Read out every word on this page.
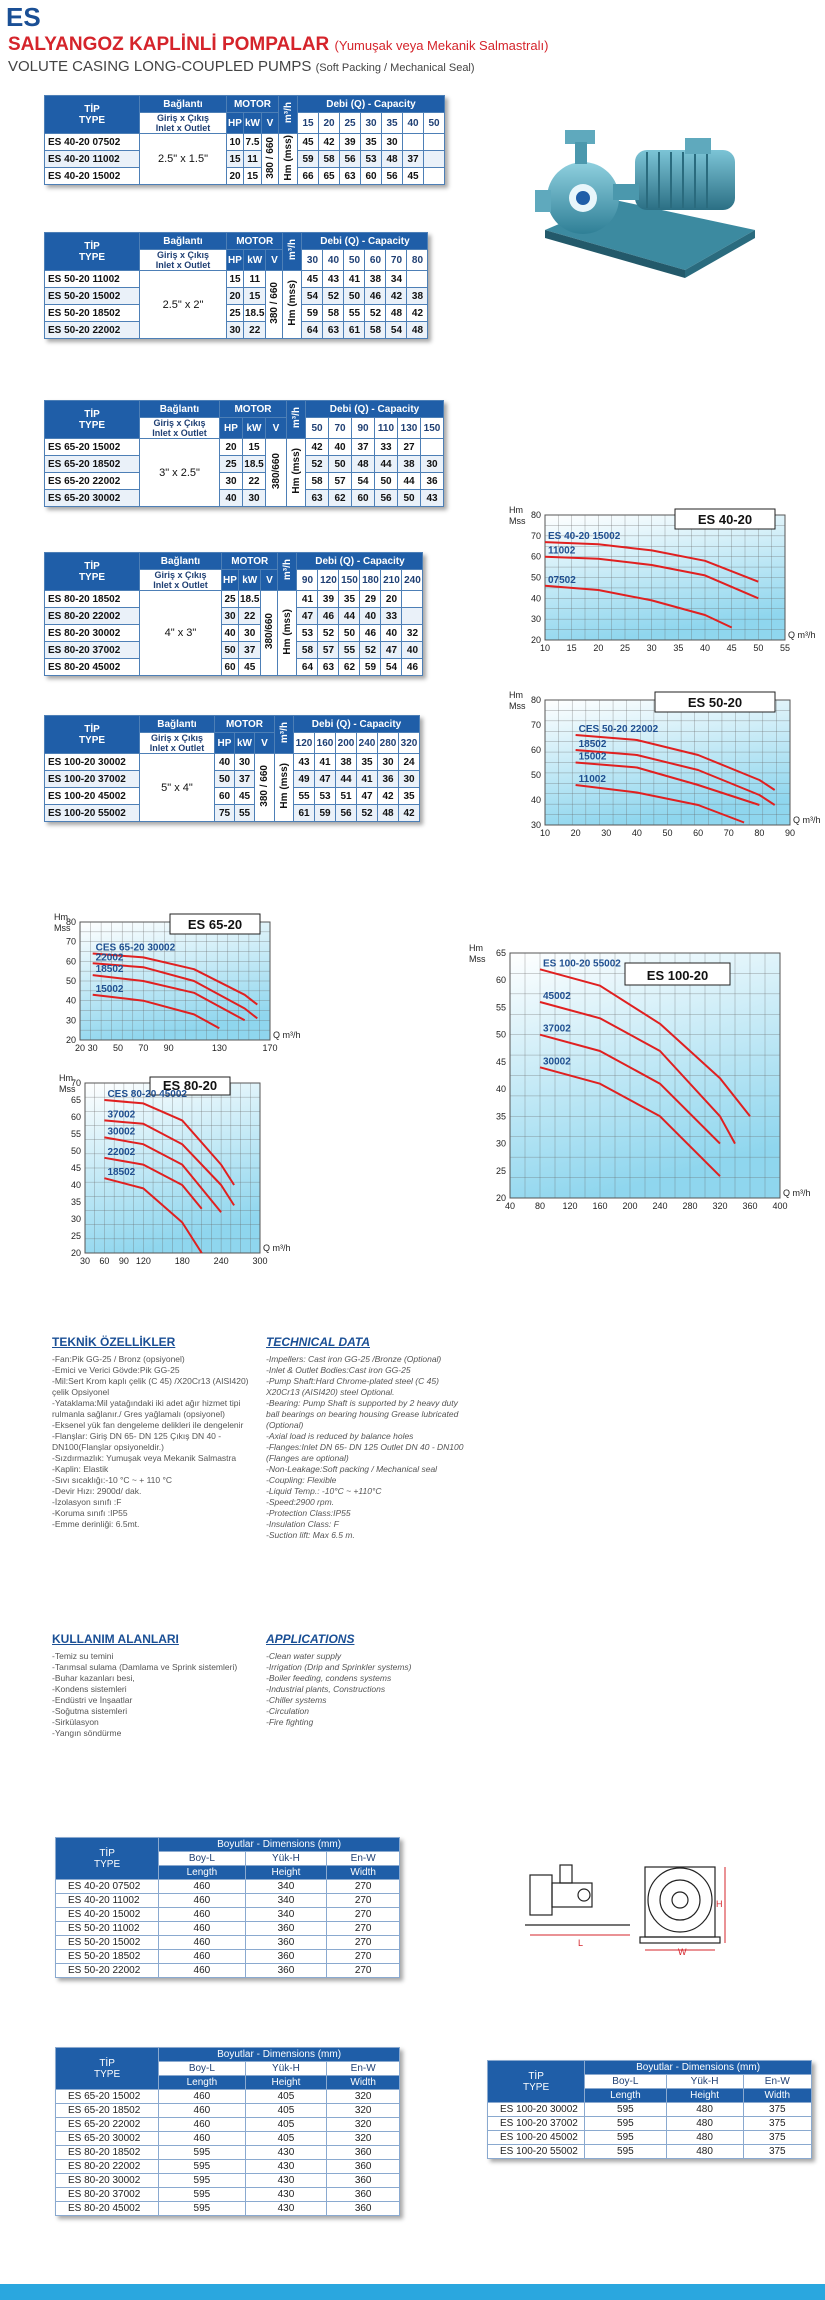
ES
SALYANGOZ KAPLİNLİ POMPALAR (Yumuşak veya Mekanik Salmastralı)
VOLUTE CASING LONG-COUPLED PUMPS (Soft Packing / Mechanical Seal)
TİP
TYPE	Bağlantı	MOTOR			m³/h	Debi (Q) - Capacity						

	Giriş x Çıkış
Inlet x Outlet	HP	kW	V		15	20	25	30	35	40	50
ES 40-20 07502	2.5" x 1.5"	10	7.5	380 / 660	Hm (mss)	45	42	39	35	30		
ES 40-20 11002		15	11			59	58	56	53	48	37	
ES 40-20 15002		20	15			66	65	63	60	56	45	
TİP
TYPE	Bağlantı	MOTOR			m³/h	Debi (Q) - Capacity					

	Giriş x Çıkış
Inlet x Outlet	HP	kW	V		30	40	50	60	70	80
ES 50-20 11002	2.5" x 2"	15	11	380 / 660	Hm (mss)	45	43	41	38	34	
ES 50-20 15002		20	15			54	52	50	46	42	38
ES 50-20 18502		25	18.5			59	58	55	52	48	42
ES 50-20 22002		30	22			64	63	61	58	54	48
TİP
TYPE	Bağlantı	MOTOR			m³/h	Debi (Q) - Capacity					

	Giriş x Çıkış
Inlet x Outlet	HP	kW	V		50	70	90	110	130	150
ES 65-20 15002	3" x 2.5"	20	15	380/660	Hm (mss)	42	40	37	33	27	
ES 65-20 18502		25	18.5			52	50	48	44	38	30
ES 65-20 22002		30	22			58	57	54	50	44	36
ES 65-20 30002		40	30			63	62	60	56	50	43
TİP
TYPE	Bağlantı	MOTOR			m³/h	Debi (Q) - Capacity					

	Giriş x Çıkış
Inlet x Outlet	HP	kW	V		90	120	150	180	210	240
ES 80-20 18502	4" x 3"	25	18.5	380/660	Hm (mss)	41	39	35	29	20	
ES 80-20 22002		30	22			47	46	44	40	33	
ES 80-20 30002		40	30			53	52	50	46	40	32
ES 80-20 37002		50	37			58	57	55	52	47	40
ES 80-20 45002		60	45			64	63	62	59	54	46
TİP
TYPE	Bağlantı	MOTOR			m³/h	Debi (Q) - Capacity					

	Giriş x Çıkış
Inlet x Outlet	HP	kW	V		120	160	200	240	280	320
ES 100-20 30002	5" x 4"	40	30	380 / 660	Hm (mss)	43	41	38	35	30	24
ES 100-20 37002		50	37			49	47	44	41	36	30
ES 100-20 45002		60	45			55	53	51	47	42	35
ES 100-20 55002		75	55			61	59	56	52	48	42
10 15 20 25 30 35 40 45 50 55
20
30
40
50
60
70
80
Hm
Mss
Q m³/h
ES 40-20
ES 40-20 15002
11002
07502
10 20 30 40 50 60 70 80 90
30
40
50
60
70
80
Hm
Mss
Q m³/h
ES 50-20
CES 50-20 22002
18502
15002
11002
20 30 50 70 90	130	170
20
30
40
50
60
70
80
Hm
Mss
Q m³/h
ES 65-20
CES 65-20 30002
22002
18502
15002
30 60 90 120	180	240	300
20
25
30
35
40
45
50
55
60
65
70
Hm
Mss
Q m³/h
ES 80-20
CES 80-20 45002
37002
30002
22002
18502
40 80 120 160 200 240 280 320 360 400
20
25
30
35
40
45
50
55
60
65
Hm
Mss
Q m³/h
ES 100-20
ES 100-20 55002
45002
37002
30002
TEKNİK ÖZELLİKLER	TECHNICAL DATA
- Fan:Pik GG-25 / Bronz (opsiyonel)
- Emici ve Verici Gövde:Pik GG-25
- Mil:Sert Krom kaplı çelik (C 45) /X20Cr13 (AISI420) çelik Opsiyonel
- Yataklama:Mil yatağındaki iki adet ağır hizmet tipi rulmanla sağlanır./ Gres yağlamalı (opsiyonel)
- Eksenel yük fan dengeleme delikleri ile dengelenir
- Flanşlar: Giriş DN 65- DN 125 Çıkış DN 40 - DN100(Flanşlar opsiyoneldir.)
- Sızdırmazlık: Yumuşak veya Mekanik Salmastra
- Kaplin: Elastik
- Sıvı sıcaklığı:-10 °C ~ + 110 °C
- Devir Hızı: 2900d/ dak.
- İzolasyon sınıfı :F
- Koruma sınıfı :IP55
- Emme derinliği: 6.5mt.
- Impellers: Cast iron GG-25 /Bronze (Optional)
- Inlet & Outlet Bodies:Cast iron GG-25
- Pump Shaft:Hard Chrome-plated steel (C 45) X20Cr13 (AISI420) steel Optional.
- Bearing: Pump Shaft is supported by 2 heavy duty ball bearings on bearing housing Grease lubricated (Optional)
- Axial load is reduced by balance holes
- Flanges:Inlet DN 65- DN 125 Outlet DN 40 - DN100 (Flanges are optional)
- Non-Leakage:Soft packing / Mechanical seal
- Coupling: Flexible
- Liquid Temp.: -10°C ~ +110°C
- Speed:2900 rpm.
- Protection Class:IP55
- Insulation Class: F
- Suction lift: Max 6.5 m.
KULLANIM ALANLARI	APPLICATIONS
- Temiz su temini
- Tarımsal sulama (Damlama ve Sprink sistemleri)
- Buhar kazanları besi,
- Kondens sistemleri
- Endüstri ve İnşaatlar
- Soğutma sistemleri
- Sirkülasyon
- Yangın söndürme
- Clean water supply
- Irrigation (Drip and Sprinkler systems)
- Boiler feeding, condens systems
- Industrial plants, Constructions
- Chiller systems
- Circulation
- Fire fighting
TİP
TYPE	Boyutlar - Dimensions (mm)		
	Boy-L	Yük-H	En-W
	Length	Height	Width
ES 40-20 07502	460	340	270
ES 40-20 11002	460	340	270
ES 40-20 15002	460	340	270
ES 50-20 11002	460	360	270
ES 50-20 15002	460	360	270
ES 50-20 18502	460	360	270
ES 50-20 22002	460	360	270
TİP
TYPE	Boyutlar - Dimensions (mm)		
	Boy-L	Yük-H	En-W
	Length	Height	Width
ES 65-20 15002	460	405	320
ES 65-20 18502	460	405	320
ES 65-20 22002	460	405	320
ES 65-20 30002	460	405	320
ES 80-20 18502	595	430	360
ES 80-20 22002	595	430	360
ES 80-20 30002	595	430	360
ES 80-20 37002	595	430	360
ES 80-20 45002	595	430	360
TİP
TYPE	Boyutlar - Dimensions (mm)		
	Boy-L	Yük-H	En-W
	Length	Height	Width
ES 100-20 30002	595	480	375
ES 100-20 37002	595	480	375
ES 100-20 45002	595	480	375
ES 100-20 55002	595	480	375
L
W
H
